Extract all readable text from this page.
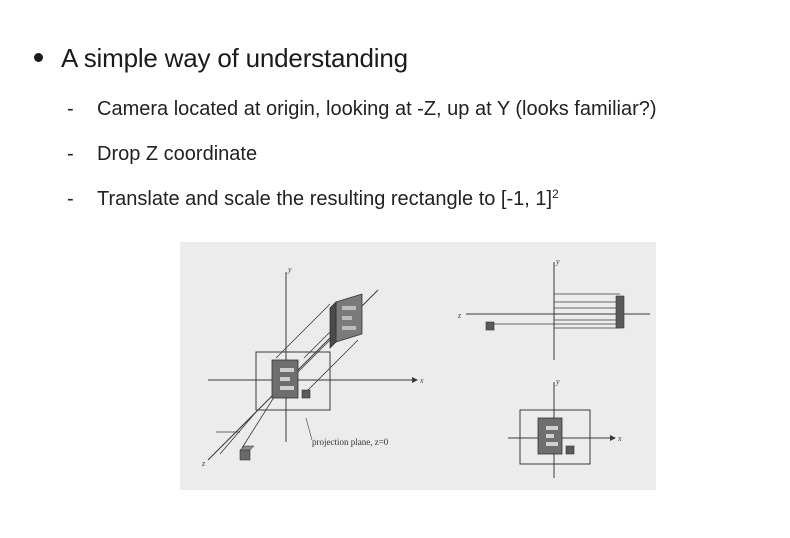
A simple way of understanding
- Camera located at origin, looking at -Z, up at Y (looks familiar?)
- Drop Z coordinate
- Translate and scale the resulting rectangle to [-1, 1]$^2$
projection plane, z=0
y
x
z
y
z
y
x
